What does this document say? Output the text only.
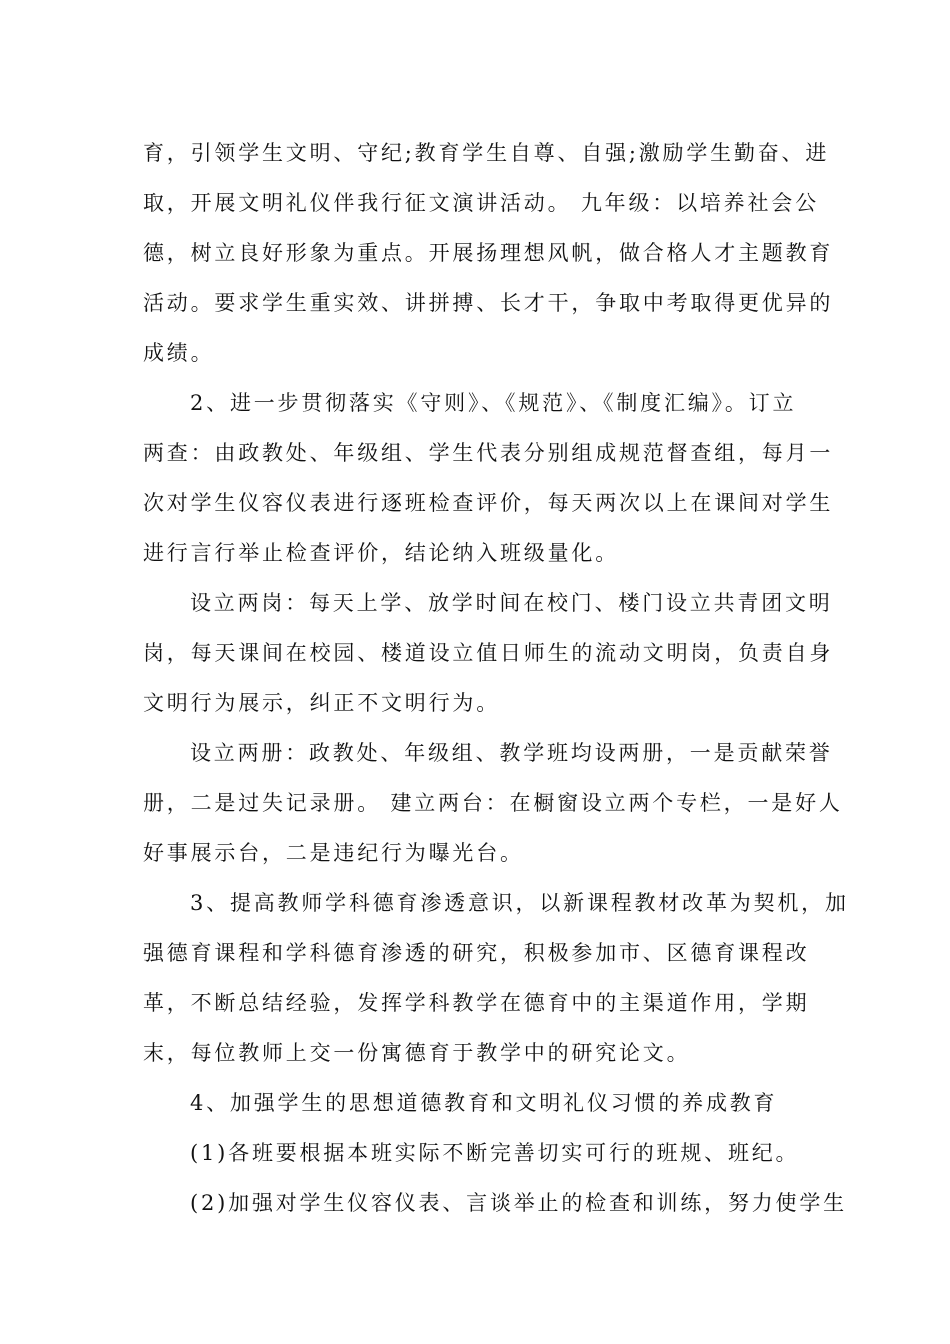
育，引领学生文明、守纪;教育学生自尊、自强;激励学生勤奋、进
取，开展文明礼仪伴我行征文演讲活动。 九年级：以培养社会公
德，树立良好形象为重点。开展扬理想风帆，做合格人才主题教育
活动。要求学生重实效、讲拼搏、长才干，争取中考取得更优异的
成绩。
2、进一步贯彻落实《守则》、《规范》、《制度汇编》。订立
两查：由政教处、年级组、学生代表分别组成规范督查组，每月一
次对学生仪容仪表进行逐班检查评价，每天两次以上在课间对学生
进行言行举止检查评价，结论纳入班级量化。
设立两岗：每天上学、放学时间在校门、楼门设立共青团文明
岗，每天课间在校园、楼道设立值日师生的流动文明岗，负责自身
文明行为展示，纠正不文明行为。
设立两册：政教处、年级组、教学班均设两册，一是贡献荣誉
册，二是过失记录册。 建立两台：在橱窗设立两个专栏，一是好人
好事展示台，二是违纪行为曝光台。
3、提高教师学科德育渗透意识，以新课程教材改革为契机，加
强德育课程和学科德育渗透的研究，积极参加市、区德育课程改
革，不断总结经验，发挥学科教学在德育中的主渠道作用，学期
末，每位教师上交一份寓德育于教学中的研究论文。
4、加强学生的思想道德教育和文明礼仪习惯的养成教育
(1)各班要根据本班实际不断完善切实可行的班规、班纪。
(2)加强对学生仪容仪表、言谈举止的检查和训练，努力使学生
